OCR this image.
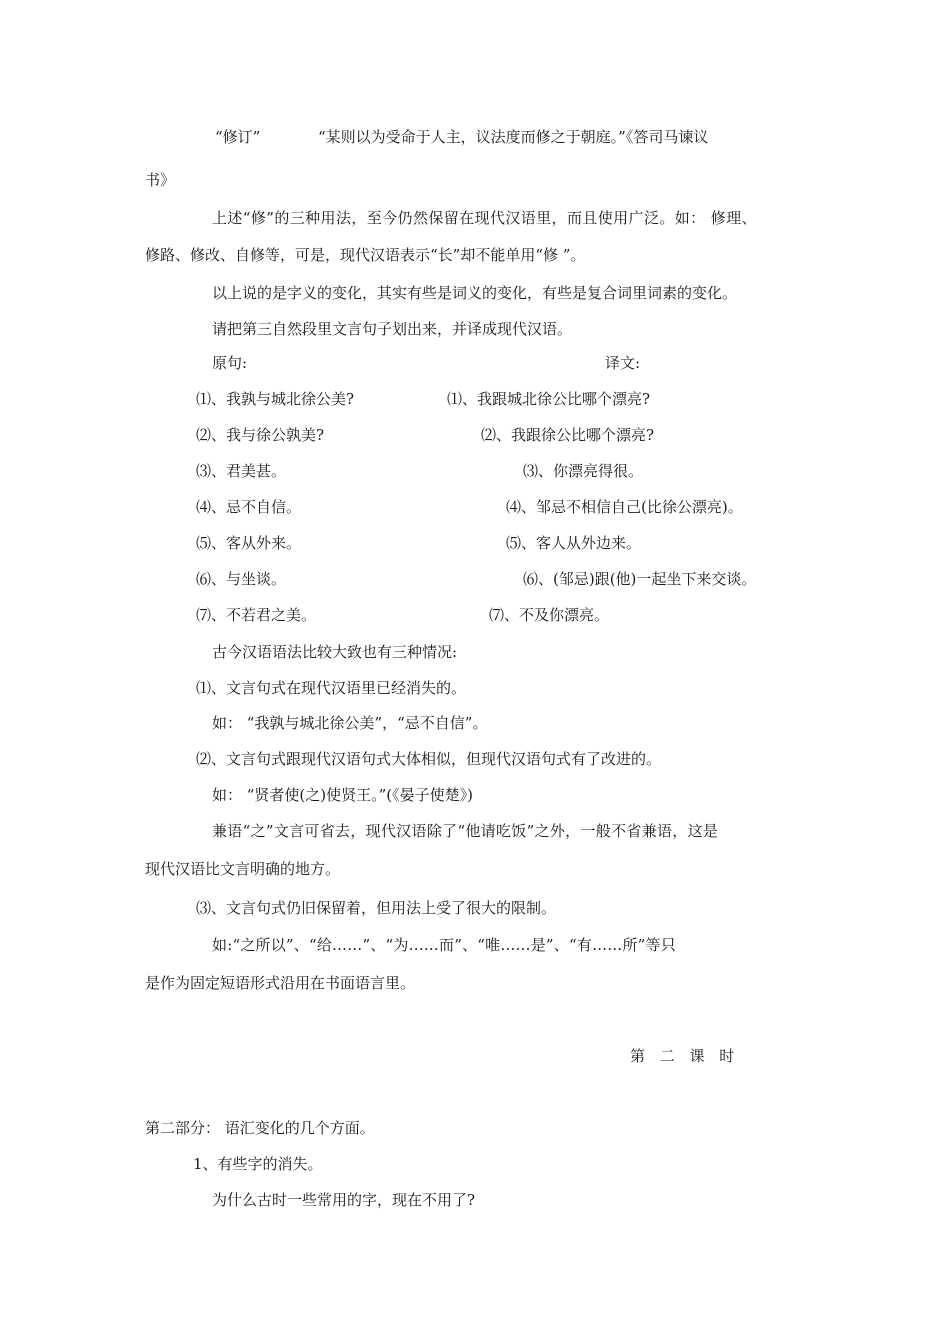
“修订”	“某则以为受命于人主，议法度而修之于朝庭。”《答司马谏议
书》
上述“修”的三种用法，至今仍然保留在现代汉语里，而且使用广泛。如： 修理、
修路、修改、自修等，可是，现代汉语表示“长”却不能单用“修 ”。
以上说的是字义的变化，其实有些是词义的变化，有些是复合词里词素的变化。
请把第三自然段里文言句子划出来，并译成现代汉语。
原句:	译文:
⑴、我孰与城北徐公美?	⑴、我跟城北徐公比哪个漂亮?
⑵、我与徐公孰美?	⑵、我跟徐公比哪个漂亮?
⑶、君美甚。	⑶、你漂亮得很。
⑷、忌不自信。	⑷、邹忌不相信自己(比徐公漂亮)。
⑸、客从外来。	⑸、客人从外边来。
⑹、与坐谈。	⑹、(邹忌)跟(他)一起坐下来交谈。
⑺、不若君之美。	⑺、不及你漂亮。
古今汉语语法比较大致也有三种情况:
⑴、文言句式在现代汉语里已经消失的。
如： “我孰与城北徐公美”，“忌不自信”。
⑵、文言句式跟现代汉语句式大体相似，但现代汉语句式有了改进的。
如： “贤者使(之)使贤王。”(《晏子使楚》)
兼语“之”文言可省去，现代汉语除了“他请吃饭”之外，一般不省兼语，这是
现代汉语比文言明确的地方。
⑶、文言句式仍旧保留着，但用法上受了很大的限制。
如:“之所以”、“给……”、“为……而”、“唯……是”、“有……所”等只
是作为固定短语形式沿用在书面语言里。
第 二 课 时
第二部分： 语汇变化的几个方面。
1、有些字的消失。
为什么古时一些常用的字，现在不用了?
